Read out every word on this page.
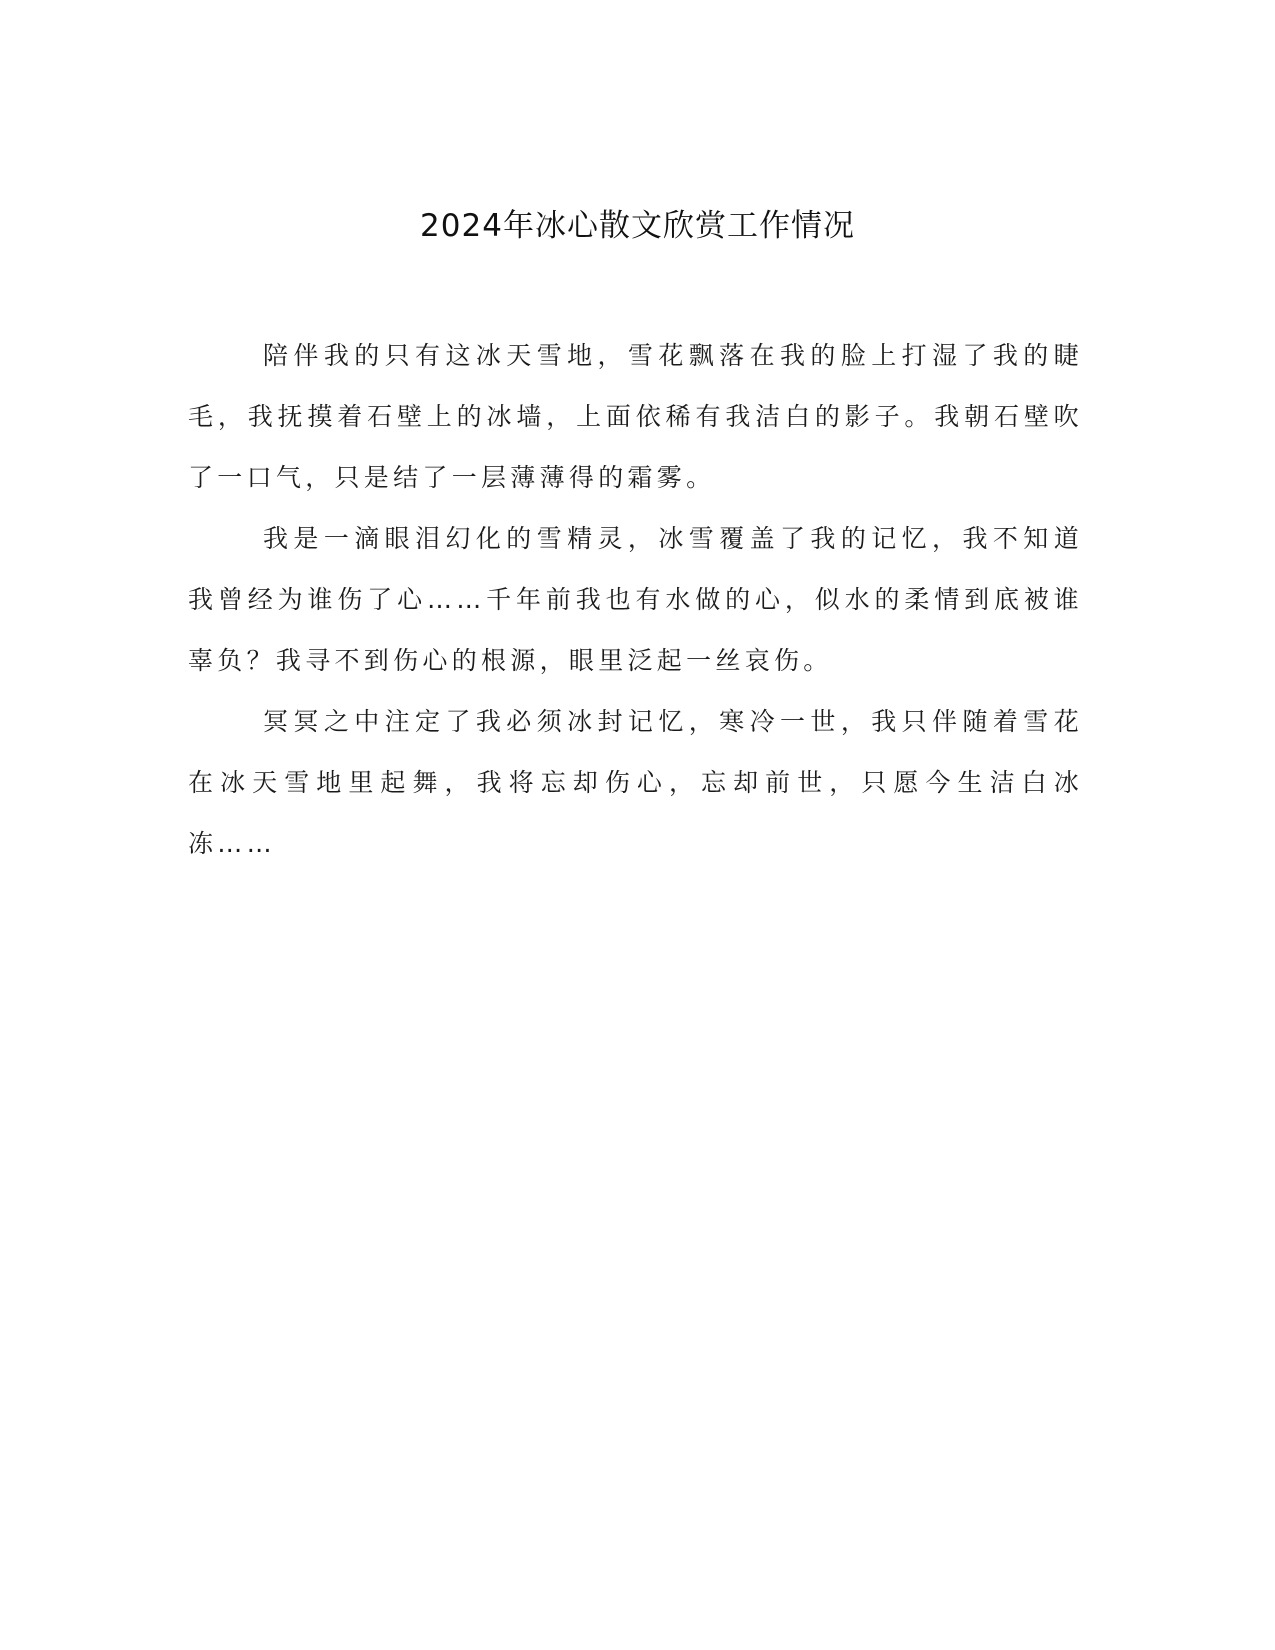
2024年冰心散文欣赏工作情况

陪伴我的只有这冰天雪地，雪花飘落在我的脸上打湿了我的睫毛，我抚摸着石壁上的冰墙，上面依稀有我洁白的影子。我朝石壁吹了一口气，只是结了一层薄薄得的霜雾。

我是一滴眼泪幻化的雪精灵，冰雪覆盖了我的记忆，我不知道我曾经为谁伤了心……千年前我也有水做的心，似水的柔情到底被谁辜负？我寻不到伤心的根源，眼里泛起一丝哀伤。

冥冥之中注定了我必须冰封记忆，寒冷一世，我只伴随着雪花在冰天雪地里起舞，我将忘却伤心，忘却前世，只愿今生洁白冰冻……
